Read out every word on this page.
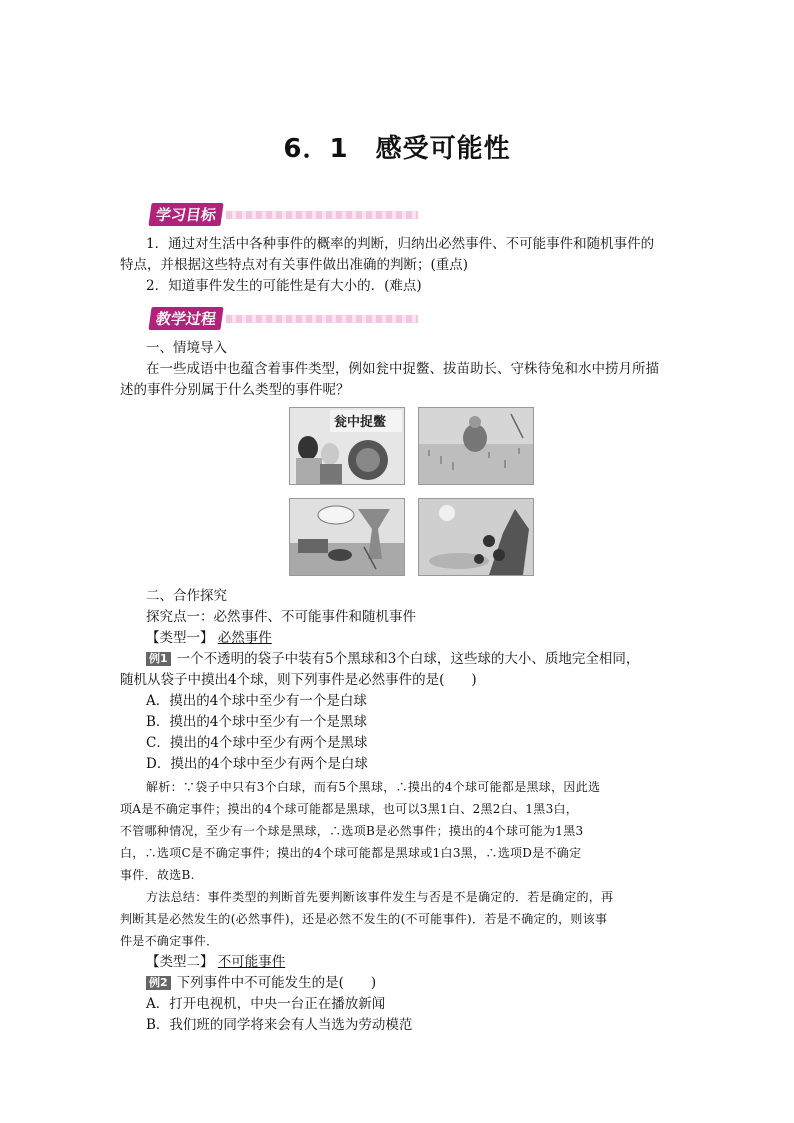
6．1　感受可能性
学习目标
1．通过对生活中各种事件的概率的判断，归纳出必然事件、不可能事件和随机事件的
特点，并根据这些特点对有关事件做出准确的判断；(重点)
2．知道事件发生的可能性是有大小的．(难点)
教学过程
一、情境导入
在一些成语中也蕴含着事件类型，例如瓮中捉鳖、拔苗助长、守株待兔和水中捞月所描
述的事件分别属于什么类型的事件呢？
瓮中捉鳖
二、合作探究
探究点一：必然事件、不可能事件和随机事件
【类型一】 必然事件
例1 一个不透明的袋子中装有5个黑球和3个白球，这些球的大小、质地完全相同，
随机从袋子中摸出4个球，则下列事件是必然事件的是(　　)
A．摸出的4个球中至少有一个是白球
B．摸出的4个球中至少有一个是黑球
C．摸出的4个球中至少有两个是黑球
D．摸出的4个球中至少有两个是白球
解析：∵袋子中只有3个白球，而有5个黑球，∴摸出的4个球可能都是黑球，因此选
项A是不确定事件；摸出的4个球可能都是黑球，也可以3黑1白、2黑2白、1黑3白，
不管哪种情况，至少有一个球是黑球，∴选项B是必然事件；摸出的4个球可能为1黑3
白，∴选项C是不确定事件；摸出的4个球可能都是黑球或1白3黑，∴选项D是不确定
事件．故选B.
方法总结：事件类型的判断首先要判断该事件发生与否是不是确定的．若是确定的，再
判断其是必然发生的(必然事件)，还是必然不发生的(不可能事件)．若是不确定的，则该事
件是不确定事件．
【类型二】 不可能事件
例2 下列事件中不可能发生的是(　　)
A．打开电视机，中央一台正在播放新闻
B．我们班的同学将来会有人当选为劳动模范
